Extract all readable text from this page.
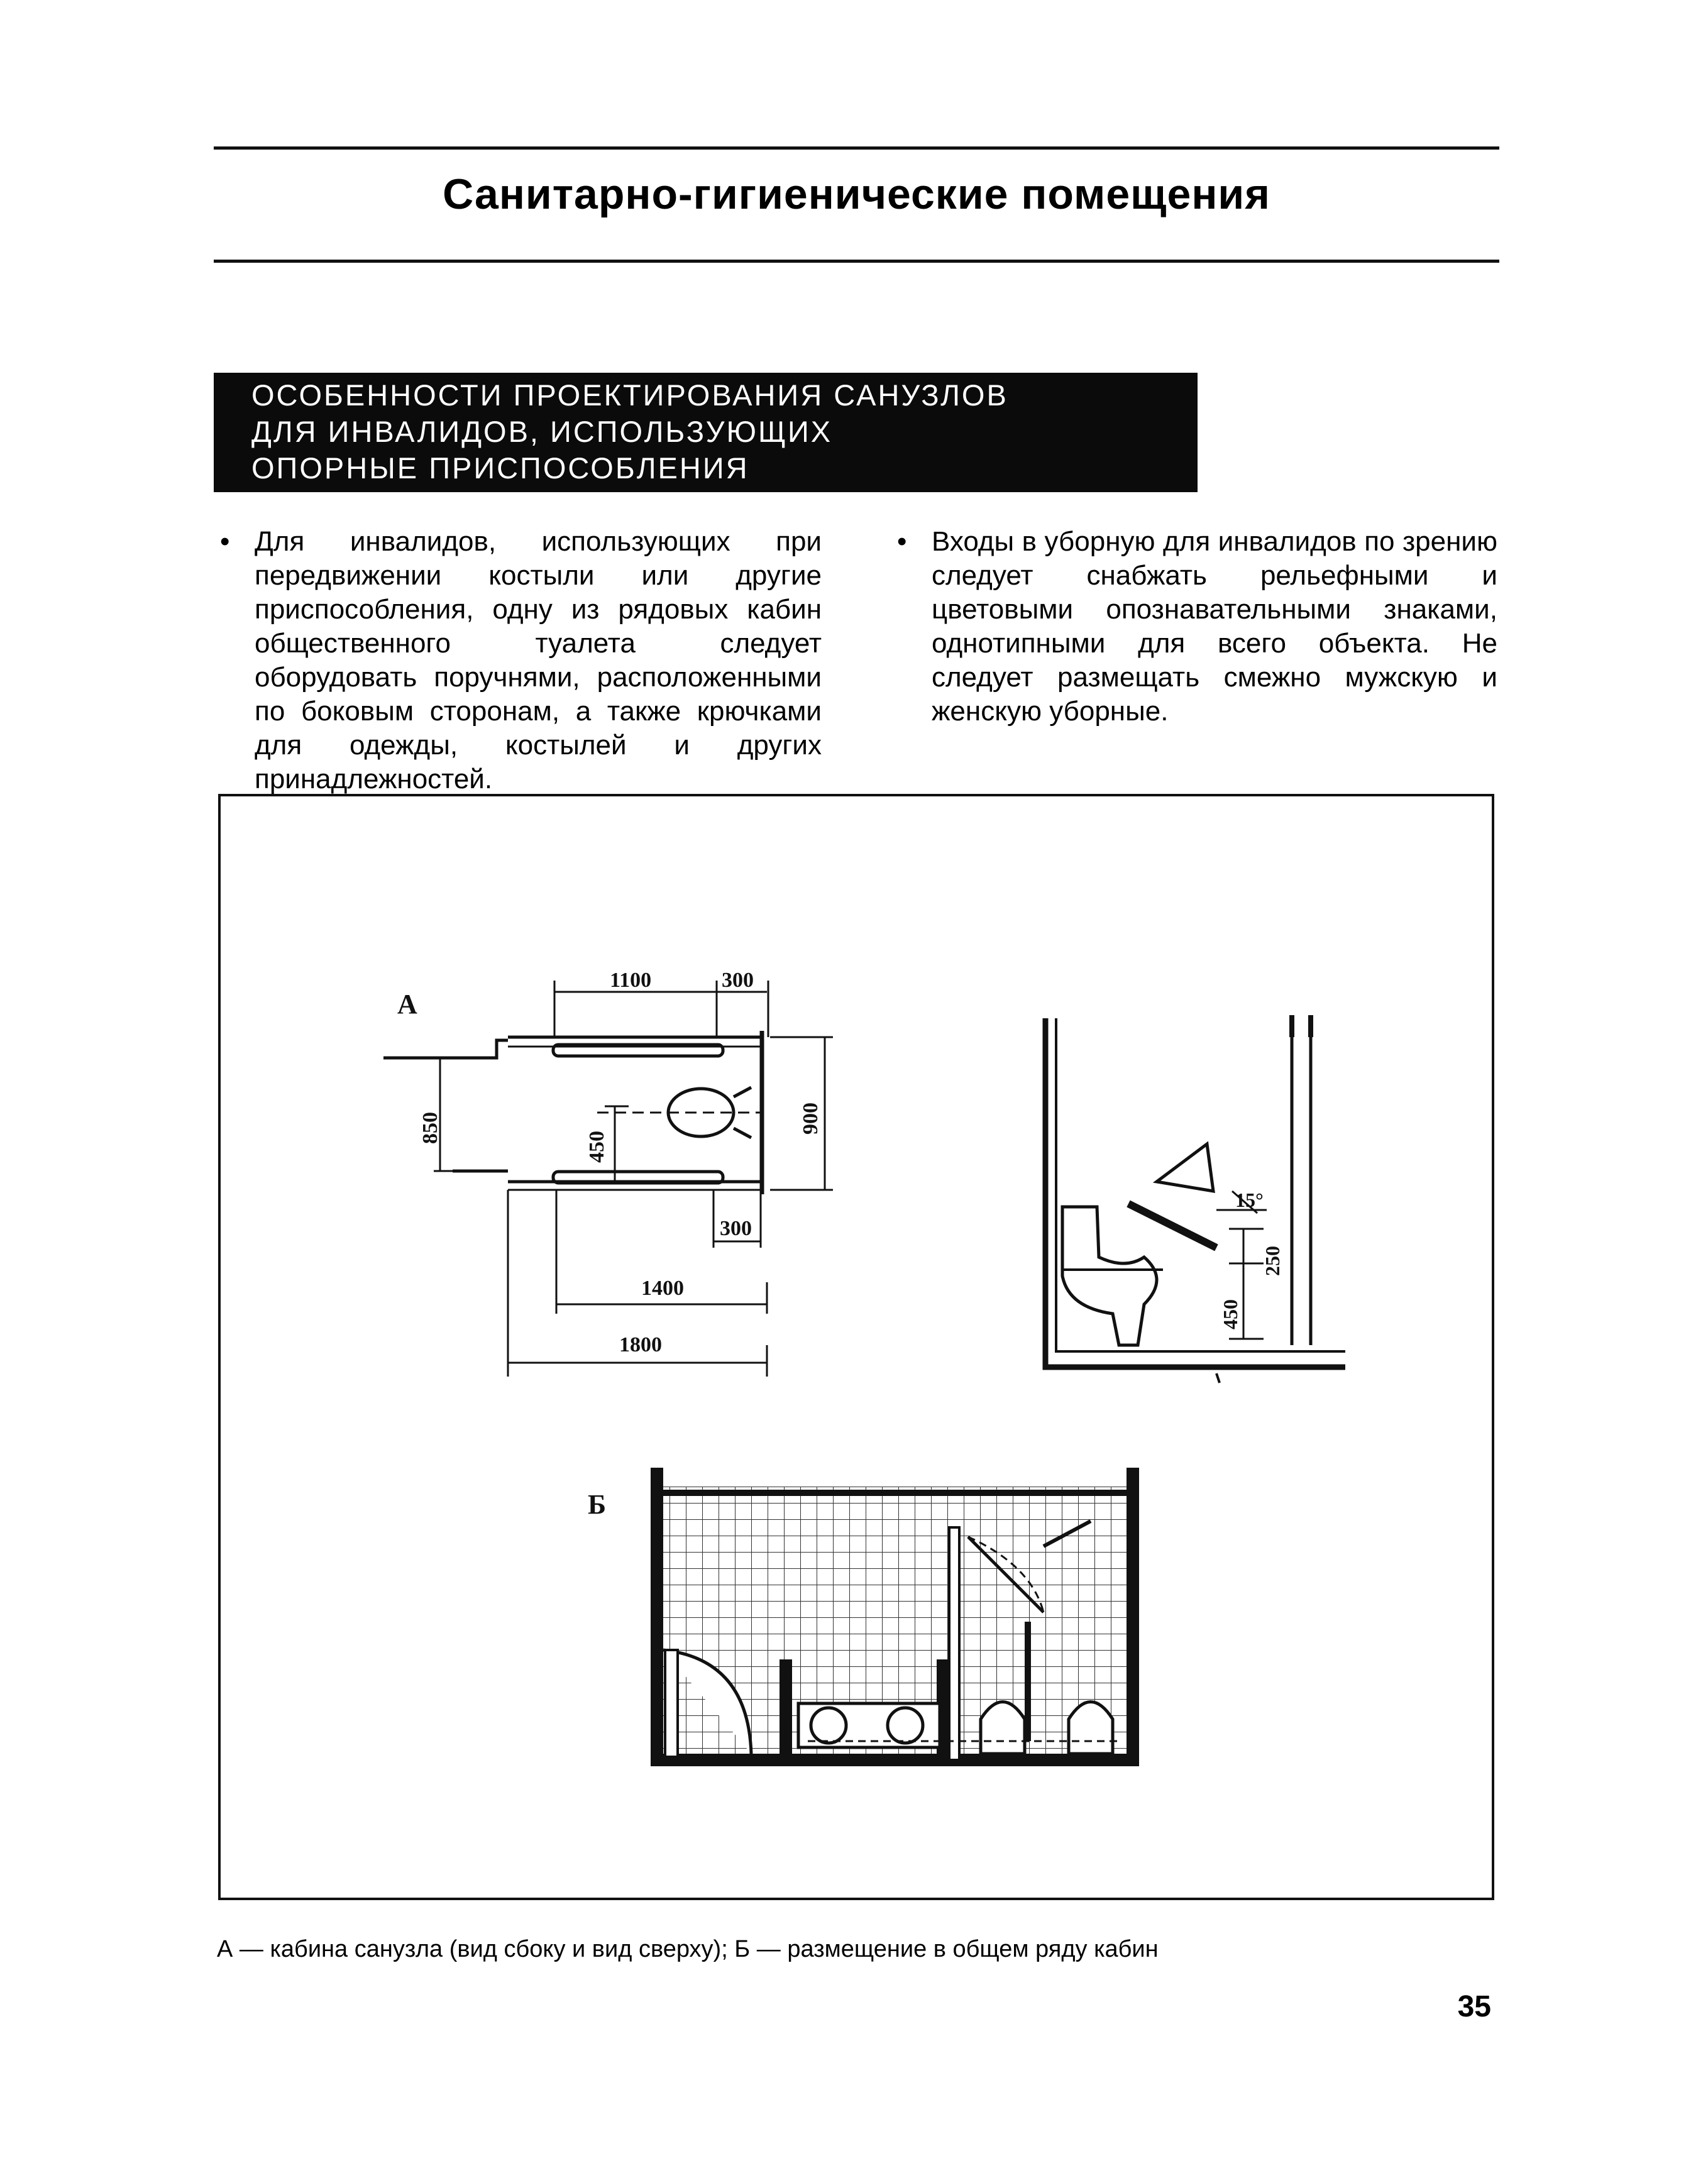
Санитарно-гигиенические помещения
ОСОБЕННОСТИ ПРОЕКТИРОВАНИЯ САНУЗЛОВ
ДЛЯ ИНВАЛИДОВ, ИСПОЛЬЗУЮЩИХ
ОПОРНЫЕ ПРИСПОСОБЛЕНИЯ
• Для инвалидов, использующих при передвижении костыли или другие приспособления, одну из рядовых кабин общественного туалета следует оборудовать поручнями, расположенными по боковым сторонам, а также крючками для одежды, костылей и других принадлежностей.

• Входы в уборную для инвалидов по зрению следует снабжать рельефными и цветовыми опознавательными знаками, однотипными для всего объекта. Не следует размещать смежно мужскую и женскую уборные.

А
1100	300
850
450
900
300
1400
1800
15°
250
450
Б
А — кабина санузла (вид сбоку и вид сверху); Б — размещение в общем ряду кабин
35
